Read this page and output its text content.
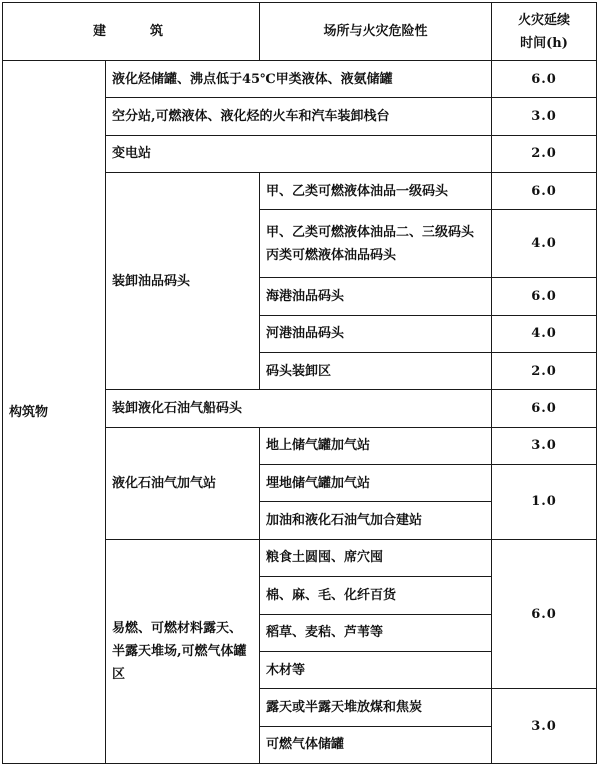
建　　筑		场所与火灾危险性	火灾延续
时间(h)

构筑物	液化烃储罐、沸点低于45℃甲类液体、液氨储罐		6.0
	空分站,可燃液体、液化烃的火车和汽车装卸栈台		3.0
	变电站		2.0
	装卸油品码头	甲、乙类可燃液体油品一级码头	6.0

		甲、乙类可燃液体油品二、三级码头
丙类可燃液体油品码头	4.0
		海港油品码头	6.0
		河港油品码头	4.0
		码头装卸区	2.0
	装卸液化石油气船码头		6.0
	液化石油气加气站	地上储气罐加气站	3.0
		埋地储气罐加气站	1.0
		加油和液化石油气加合建站	
	易燃、可燃材料露天、半露天堆场,可燃气体罐区	粮食土圆囤、席穴囤	6.0
		棉、麻、毛、化纤百货	
		稻草、麦秸、芦苇等	
		木材等	
		露天或半露天堆放煤和焦炭	3.0
		可燃气体储罐	
